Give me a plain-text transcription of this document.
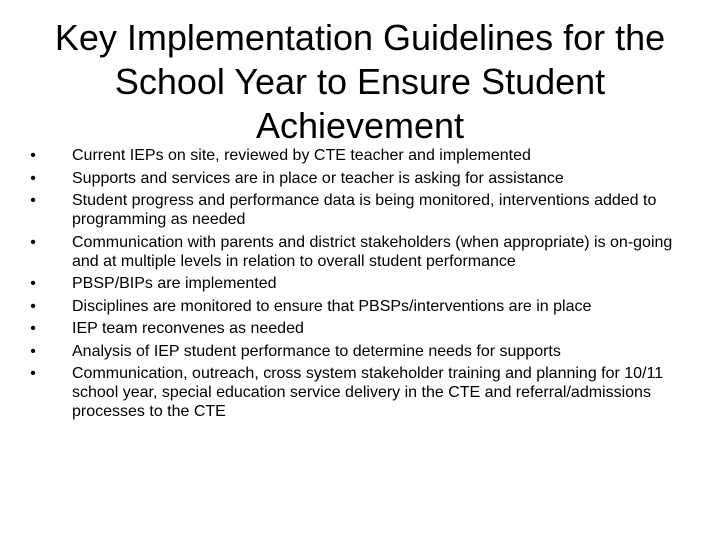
Key Implementation Guidelines for the School Year to Ensure Student Achievement
• Current IEPs on site, reviewed by CTE teacher and implemented
• Supports and services are in place or teacher is asking for assistance
• Student progress and performance data is being monitored, interventions added to programming as needed
• Communication with parents and district stakeholders (when appropriate) is on-going and at multiple levels in relation to overall student performance
• PBSP/BIPs are implemented
• Disciplines are monitored to ensure that PBSPs/interventions are in place
• IEP team reconvenes as needed
• Analysis of IEP student performance to determine needs for supports
• Communication, outreach, cross system stakeholder training and planning for 10/11 school year, special education service delivery in the CTE and referral/admissions processes to the CTE
